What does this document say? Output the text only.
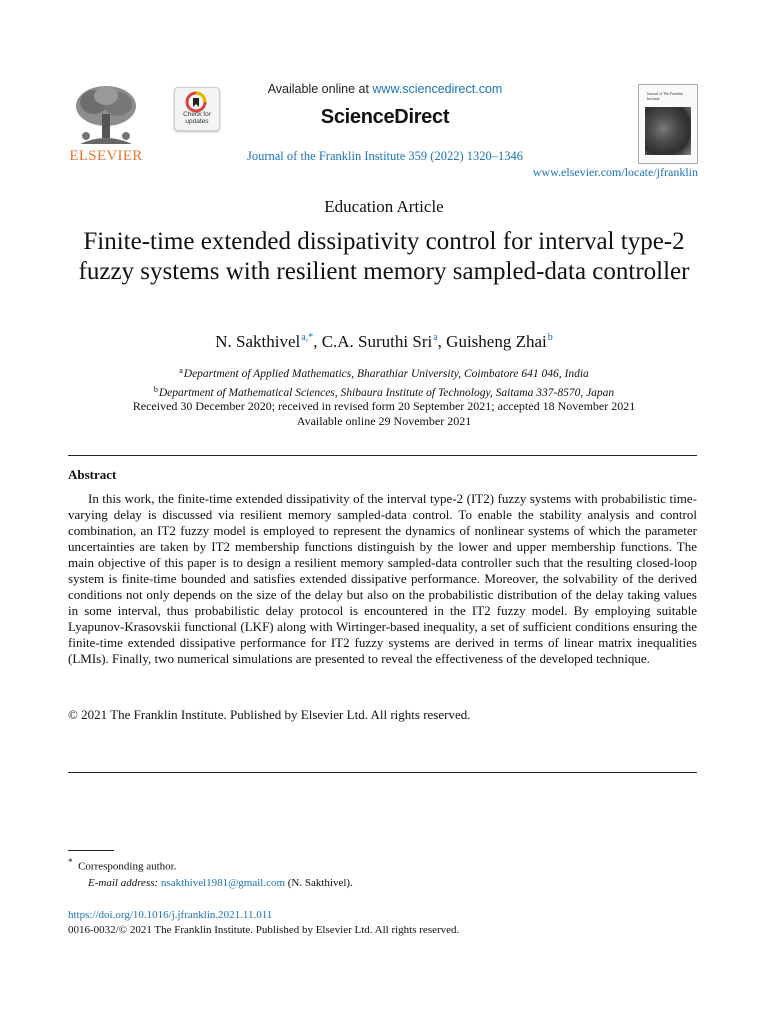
ELSEVIER
Check for updates
Available online at www.sciencedirect.com
ScienceDirect
Journal of the Franklin Institute 359 (2022) 1320–1346
www.elsevier.com/locate/jfranklin
Journal of The Franklin Institute
Education Article
Finite-time extended dissipativity control for interval type-2 fuzzy systems with resilient memory sampled-data controller
N. Sakthivel$^{a,*}$, C.A. Suruthi Sri$^a$, Guisheng Zhai$^b$
$^a$Department of Applied Mathematics, Bharathiar University, Coimbatore 641 046, India
$^b$Department of Mathematical Sciences, Shibaura Institute of Technology, Saitama 337-8570, Japan
Received 30 December 2020; received in revised form 20 September 2021; accepted 18 November 2021
Available online 29 November 2021
Abstract

In this work, the finite-time extended dissipativity of the interval type-2 (IT2) fuzzy systems with probabilistic time-varying delay is discussed via resilient memory sampled-data control. To enable the stability analysis and control combination, an IT2 fuzzy model is employed to represent the dynamics of nonlinear systems of which the parameter uncertainties are taken by IT2 membership functions distinguish by the lower and upper membership functions. The main objective of this paper is to design a resilient memory sampled-data controller such that the resulting closed-loop system is finite-time bounded and satisfies extended dissipative performance. Moreover, the solvability of the derived conditions not only depends on the size of the delay but also on the probabilistic distribution of the delay taking values in some interval, thus probabilistic delay protocol is encountered in the IT2 fuzzy model. By employing suitable Lyapunov-Krasovskii functional (LKF) along with Wirtinger-based inequality, a set of sufficient conditions ensuring the finite-time extended dissipative performance for IT2 fuzzy systems are derived in terms of linear matrix inequalities (LMIs). Finally, two numerical simulations are presented to reveal the effectiveness of the developed technique.

© 2021 The Franklin Institute. Published by Elsevier Ltd. All rights reserved.
* Corresponding author.
E-mail address: nsakthivel1981@gmail.com (N. Sakthivel).
https://doi.org/10.1016/j.jfranklin.2021.11.011
0016-0032/© 2021 The Franklin Institute. Published by Elsevier Ltd. All rights reserved.
